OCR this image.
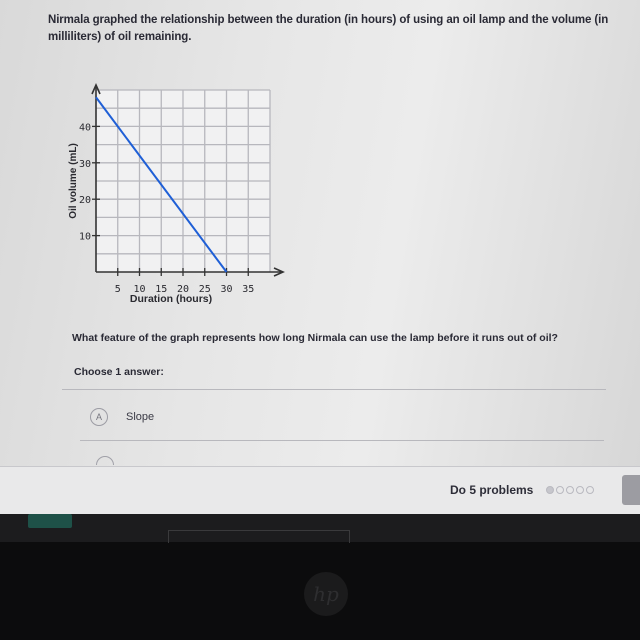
Nirmala graphed the relationship between the duration (in hours) of using an oil lamp and the volume (in milliliters) of oil remaining.
5 10 15 20 25 30 35
10
20
30
40
Duration (hours)
Oil volume (mL)
What feature of the graph represents how long Nirmala can use the lamp before it runs out of oil?
Choose 1 answer:
A	Slope
Do 5 problems
hp
